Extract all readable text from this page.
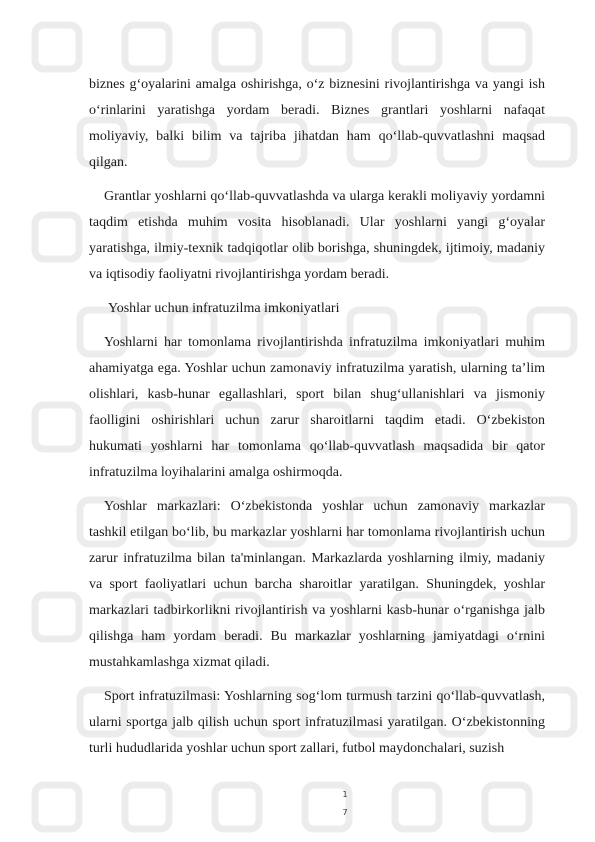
biznes g‘oyalarini amalga oshirishga, o‘z biznesini rivojlantirishga va yangi ish o‘rinlarini yaratishga yordam beradi. Biznes grantlari yoshlarni nafaqat moliyaviy, balki bilim va tajriba jihatdan ham qo‘llab-quvvatlashni maqsad qilgan.

Grantlar yoshlarni qo‘llab-quvvatlashda va ularga kerakli moliyaviy yordamni taqdim etishda muhim vosita hisoblanadi. Ular yoshlarni yangi g‘oyalar yaratishga, ilmiy-texnik tadqiqotlar olib borishga, shuningdek, ijtimoiy, madaniy va iqtisodiy faoliyatni rivojlantirishga yordam beradi.

Yoshlar uchun infratuzilma imkoniyatlari

Yoshlarni har tomonlama rivojlantirishda infratuzilma imkoniyatlari muhim ahamiyatga ega. Yoshlar uchun zamonaviy infratuzilma yaratish, ularning ta’lim olishlari, kasb-hunar egallashlari, sport bilan shug‘ullanishlari va jismoniy faolligini oshirishlari uchun zarur sharoitlarni taqdim etadi. O‘zbekiston hukumati yoshlarni har tomonlama qo‘llab-quvvatlash maqsadida bir qator infratuzilma loyihalarini amalga oshirmoqda.

Yoshlar markazlari: O‘zbekistonda yoshlar uchun zamonaviy markazlar tashkil etilgan bo‘lib, bu markazlar yoshlarni har tomonlama rivojlantirish uchun zarur infratuzilma bilan ta'minlangan. Markazlarda yoshlarning ilmiy, madaniy va sport faoliyatlari uchun barcha sharoitlar yaratilgan. Shuningdek, yoshlar markazlari tadbirkorlikni rivojlantirish va yoshlarni kasb-hunar o‘rganishga jalb qilishga ham yordam beradi. Bu markazlar yoshlarning jamiyatdagi o‘rnini mustahkamlashga xizmat qiladi.

Sport infratuzilmasi: Yoshlarning sog‘lom turmush tarzini qo‘llab-quvvatlash, ularni sportga jalb qilish uchun sport infratuzilmasi yaratilgan. O‘zbekistonning turli hududlarida yoshlar uchun sport zallari, futbol maydonchalari, suzish

1
7
